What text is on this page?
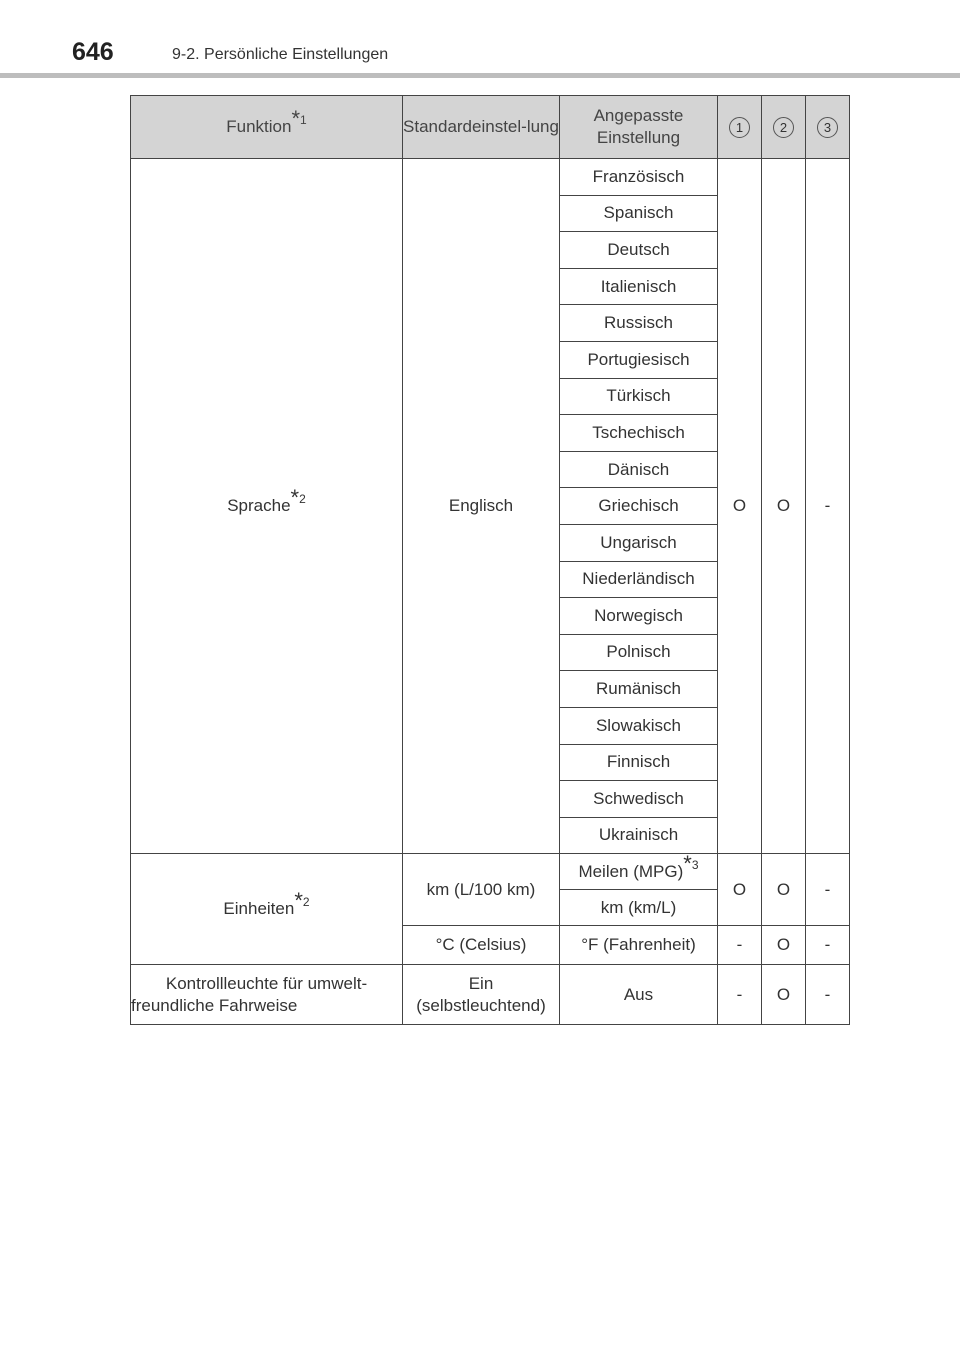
646	9-2. Persönliche Einstellungen
Funktion$^{*1}$	Standardeinstel-lung	Angepasste Einstellung	1	2	3
Sprache$^{*2}$	Englisch	Französisch	O	O	-
		Spanisch			
		Deutsch			
		Italienisch			
		Russisch			
		Portugiesisch			
		Türkisch			
		Tschechisch			
		Dänisch			
		Griechisch			
		Ungarisch			
		Niederländisch			
		Norwegisch			
		Polnisch			
		Rumänisch			
		Slowakisch			
		Finnisch			
		Schwedisch			
		Ukrainisch			
Einheiten$^{*2}$	km (L/100 km)	Meilen (MPG)$^{*3}$	O	O	-
		km (km/L)			
	°C (Celsius)	°F (Fahrenheit)	-	O	-
Kontrollleuchte für umwelt-freundliche Fahrweise	Ein (selbstleuchtend)	Aus	-	O	-
